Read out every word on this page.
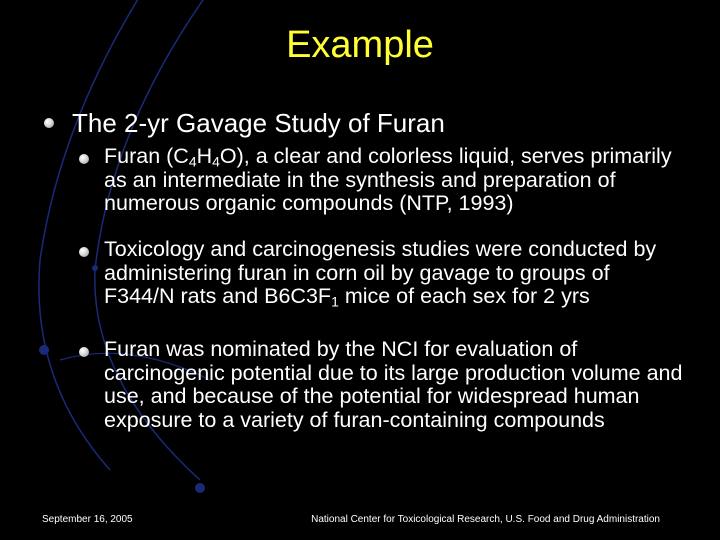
Example
The 2-yr Gavage Study of Furan
Furan $(C_4H_4O)$, a clear and colorless liquid, serves primarily as an intermediate in the synthesis and preparation of numerous organic compounds (NTP, 1993)
Toxicology and carcinogenesis studies were conducted by administering furan in corn oil by gavage to groups of F344/N rats and $B6C3F_1$ mice of each sex for 2 yrs
Furan was nominated by the NCI for evaluation of carcinogenic potential due to its large production volume and use, and because of the potential for widespread human exposure to a variety of furan-containing compounds
September 16, 2005	National Center for Toxicological Research, U.S. Food and Drug Administration
